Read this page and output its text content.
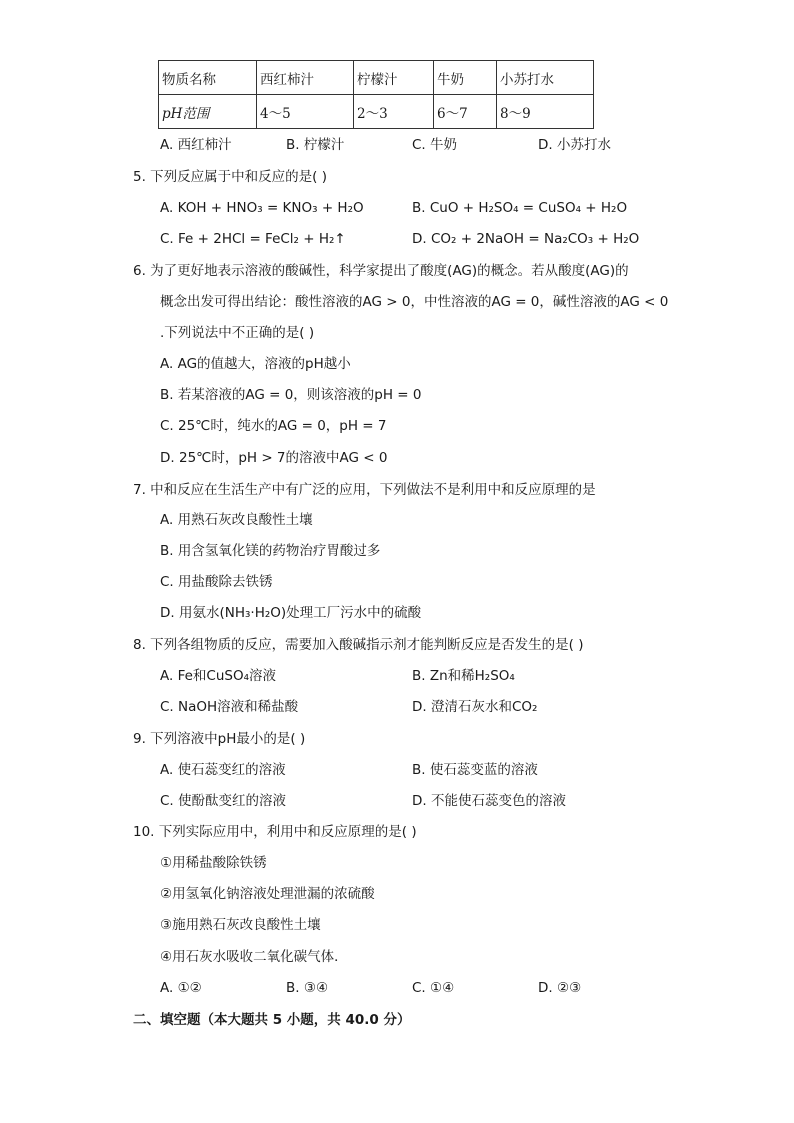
物质名称	西红柿汁	柠檬汁	牛奶	小苏打水
pH范围	4～5	2～3	6～7	8～9
A. 西红柿汁	B. 柠檬汁	C. 牛奶	D. 小苏打水
5. 下列反应属于中和反应的是( )
A. KOH + HNO₃ = KNO₃ + H₂O	B. CuO + H₂SO₄ = CuSO₄ + H₂O
C. Fe + 2HCl = FeCl₂ + H₂↑	D. CO₂ + 2NaOH = Na₂CO₃ + H₂O
6. 为了更好地表示溶液的酸碱性，科学家提出了酸度(AG)的概念。若从酸度(AG)的
概念出发可得出结论：酸性溶液的AG > 0，中性溶液的AG = 0，碱性溶液的AG < 0
.下列说法中不正确的是( )
A. AG的值越大，溶液的pH越小
B. 若某溶液的AG = 0，则该溶液的pH = 0
C. 25℃时，纯水的AG = 0，pH = 7
D. 25℃时，pH > 7的溶液中AG < 0
7. 中和反应在生活生产中有广泛的应用，下列做法不是利用中和反应原理的是
A. 用熟石灰改良酸性土壤
B. 用含氢氧化镁的药物治疗胃酸过多
C. 用盐酸除去铁锈
D. 用氨水(NH₃·H₂O)处理工厂污水中的硫酸
8. 下列各组物质的反应，需要加入酸碱指示剂才能判断反应是否发生的是( )
A. Fe和CuSO₄溶液	B. Zn和稀H₂SO₄
C. NaOH溶液和稀盐酸	D. 澄清石灰水和CO₂
9. 下列溶液中pH最小的是( )
A. 使石蕊变红的溶液	B. 使石蕊变蓝的溶液
C. 使酚酞变红的溶液	D. 不能使石蕊变色的溶液
10. 下列实际应用中，利用中和反应原理的是( )
①用稀盐酸除铁锈
②用氢氧化钠溶液处理泄漏的浓硫酸
③施用熟石灰改良酸性土壤
④用石灰水吸收二氧化碳气体．
A. ①②	B. ③④	C. ①④	D. ②③
二、填空题（本大题共 5 小题，共 40.0 分）
